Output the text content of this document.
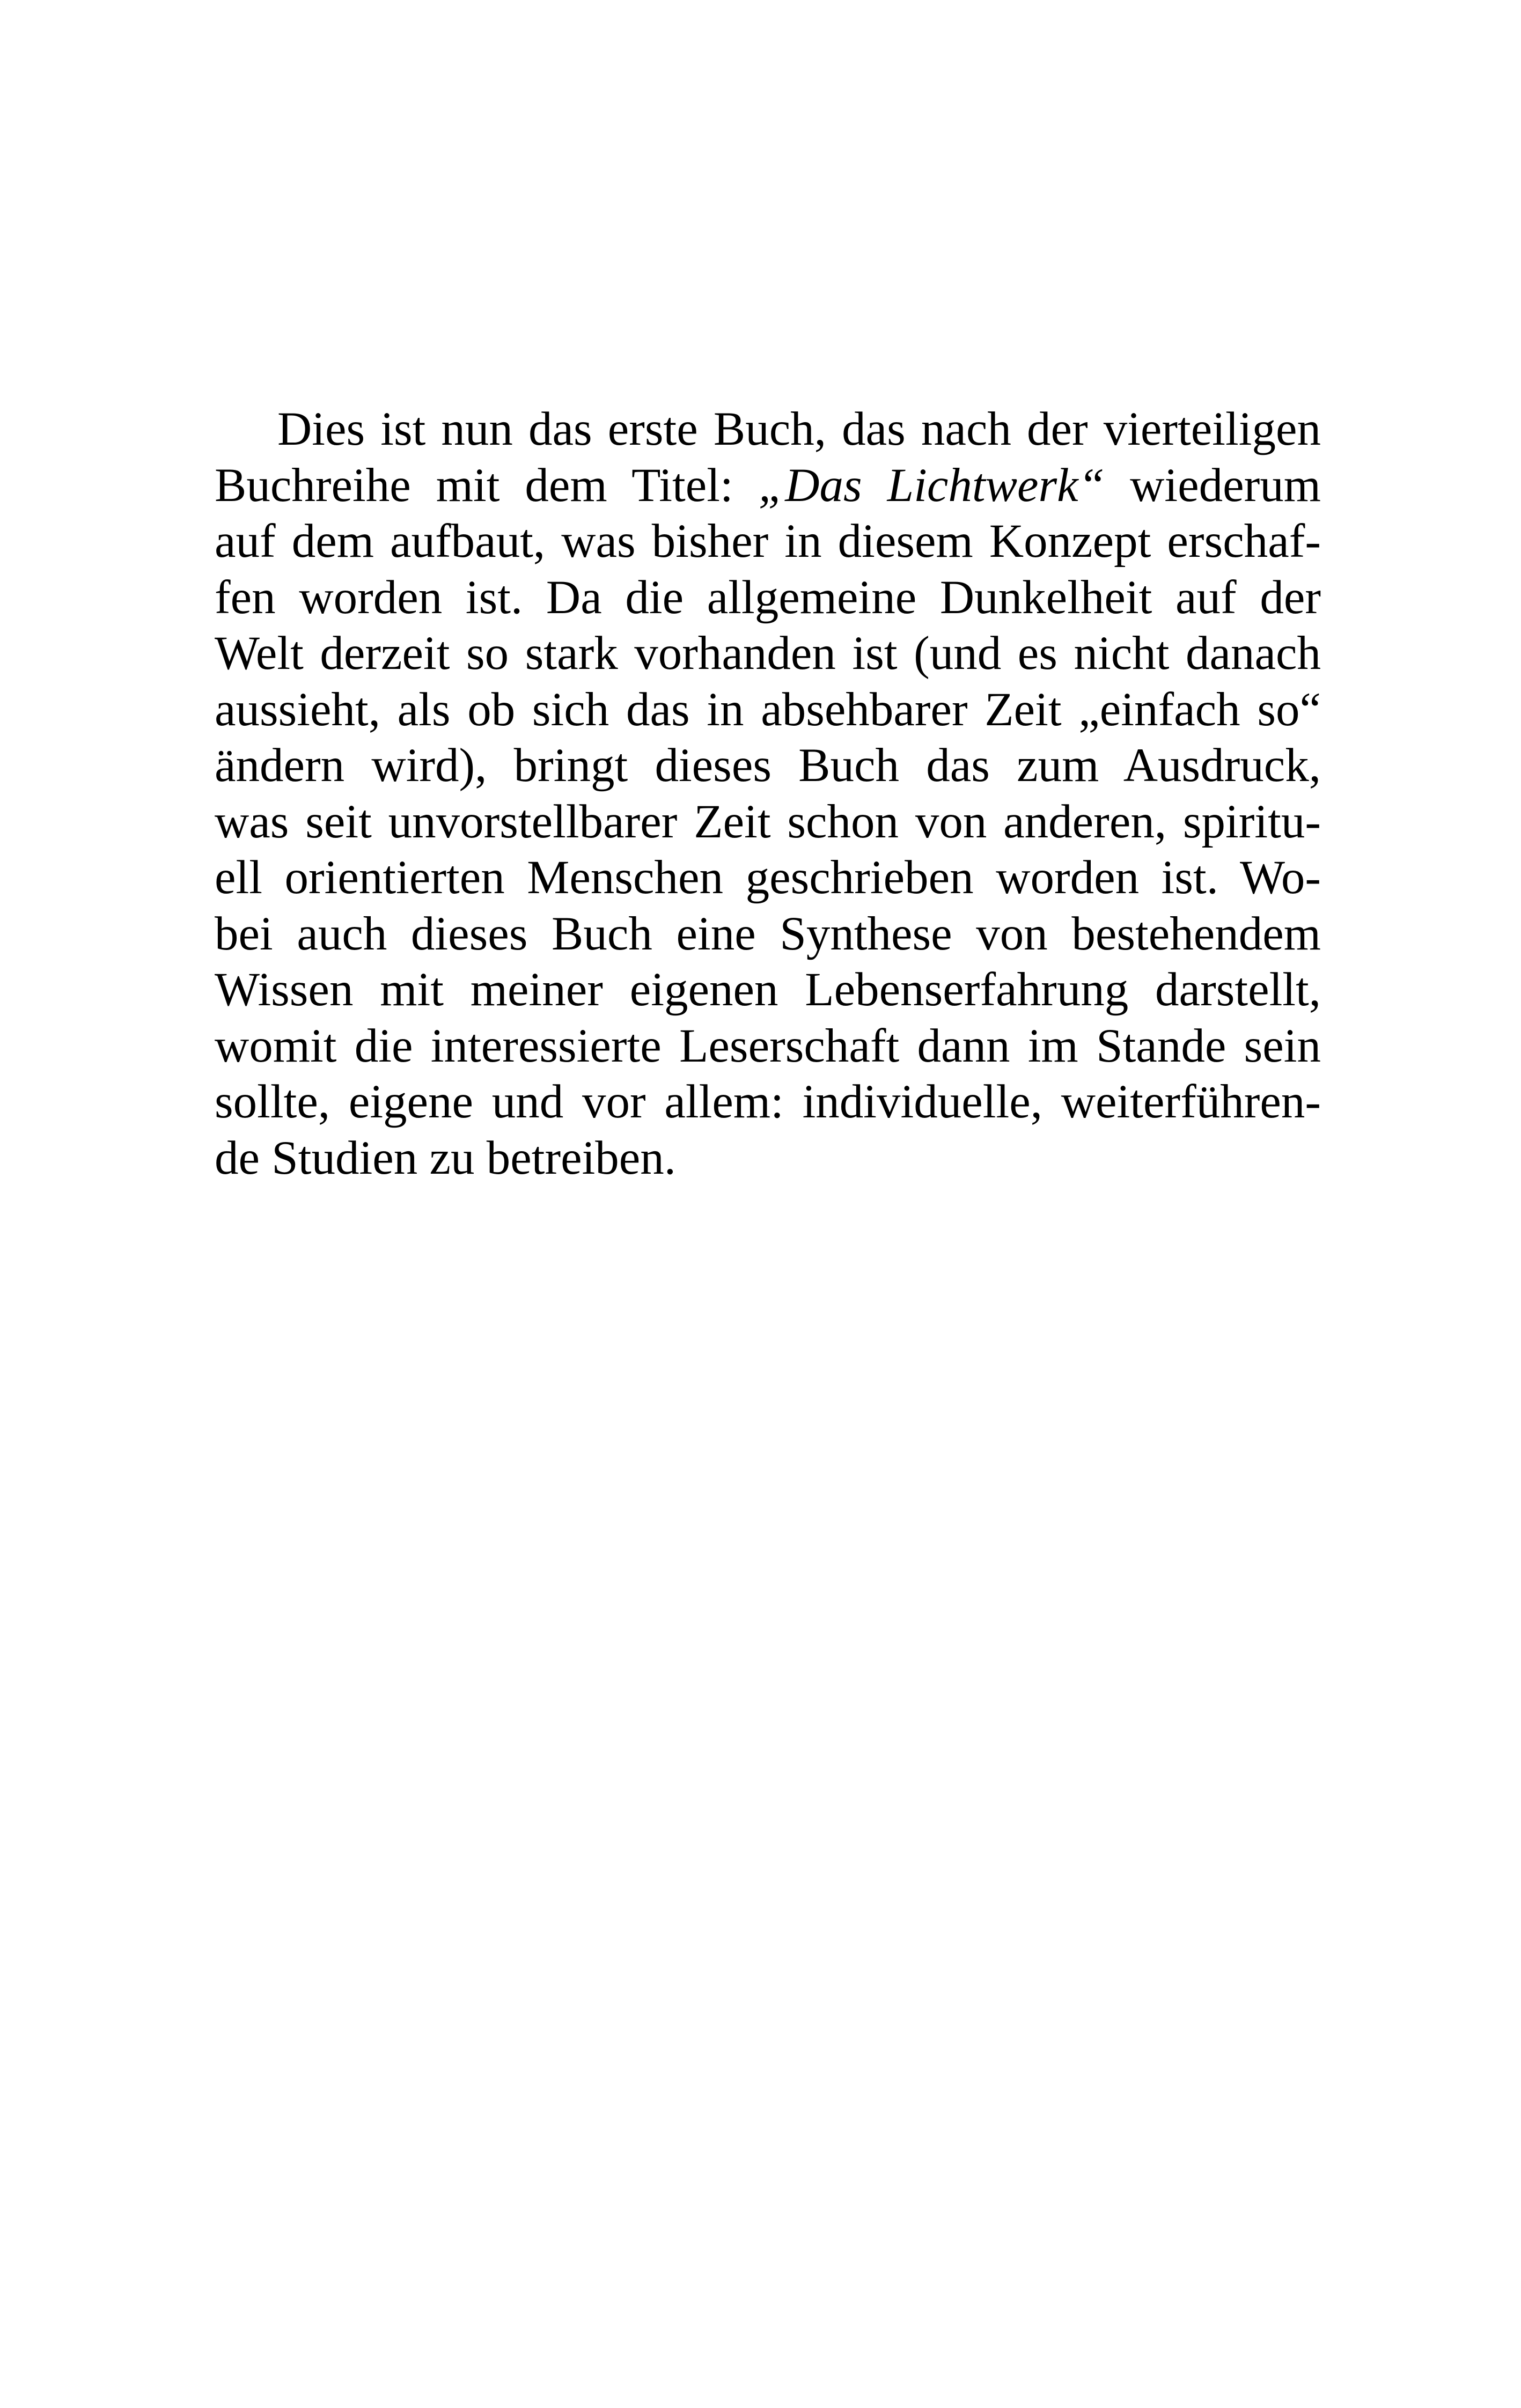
Dies ist nun das erste Buch, das nach der vierteiligen
Buchreihe mit dem Titel: „Das Lichtwerk“ wiederum
auf dem aufbaut, was bisher in diesem Konzept erschaf-
fen worden ist. Da die allgemeine Dunkelheit auf der
Welt derzeit so stark vorhanden ist (und es nicht danach
aussieht, als ob sich das in absehbarer Zeit „einfach so“
ändern wird), bringt dieses Buch das zum Ausdruck,
was seit unvorstellbarer Zeit schon von anderen, spiritu-
ell orientierten Menschen geschrieben worden ist. Wo-
bei auch dieses Buch eine Synthese von bestehendem
Wissen mit meiner eigenen Lebenserfahrung darstellt,
womit die interessierte Leserschaft dann im Stande sein
sollte, eigene und vor allem: individuelle, weiterführen-
de Studien zu betreiben.
